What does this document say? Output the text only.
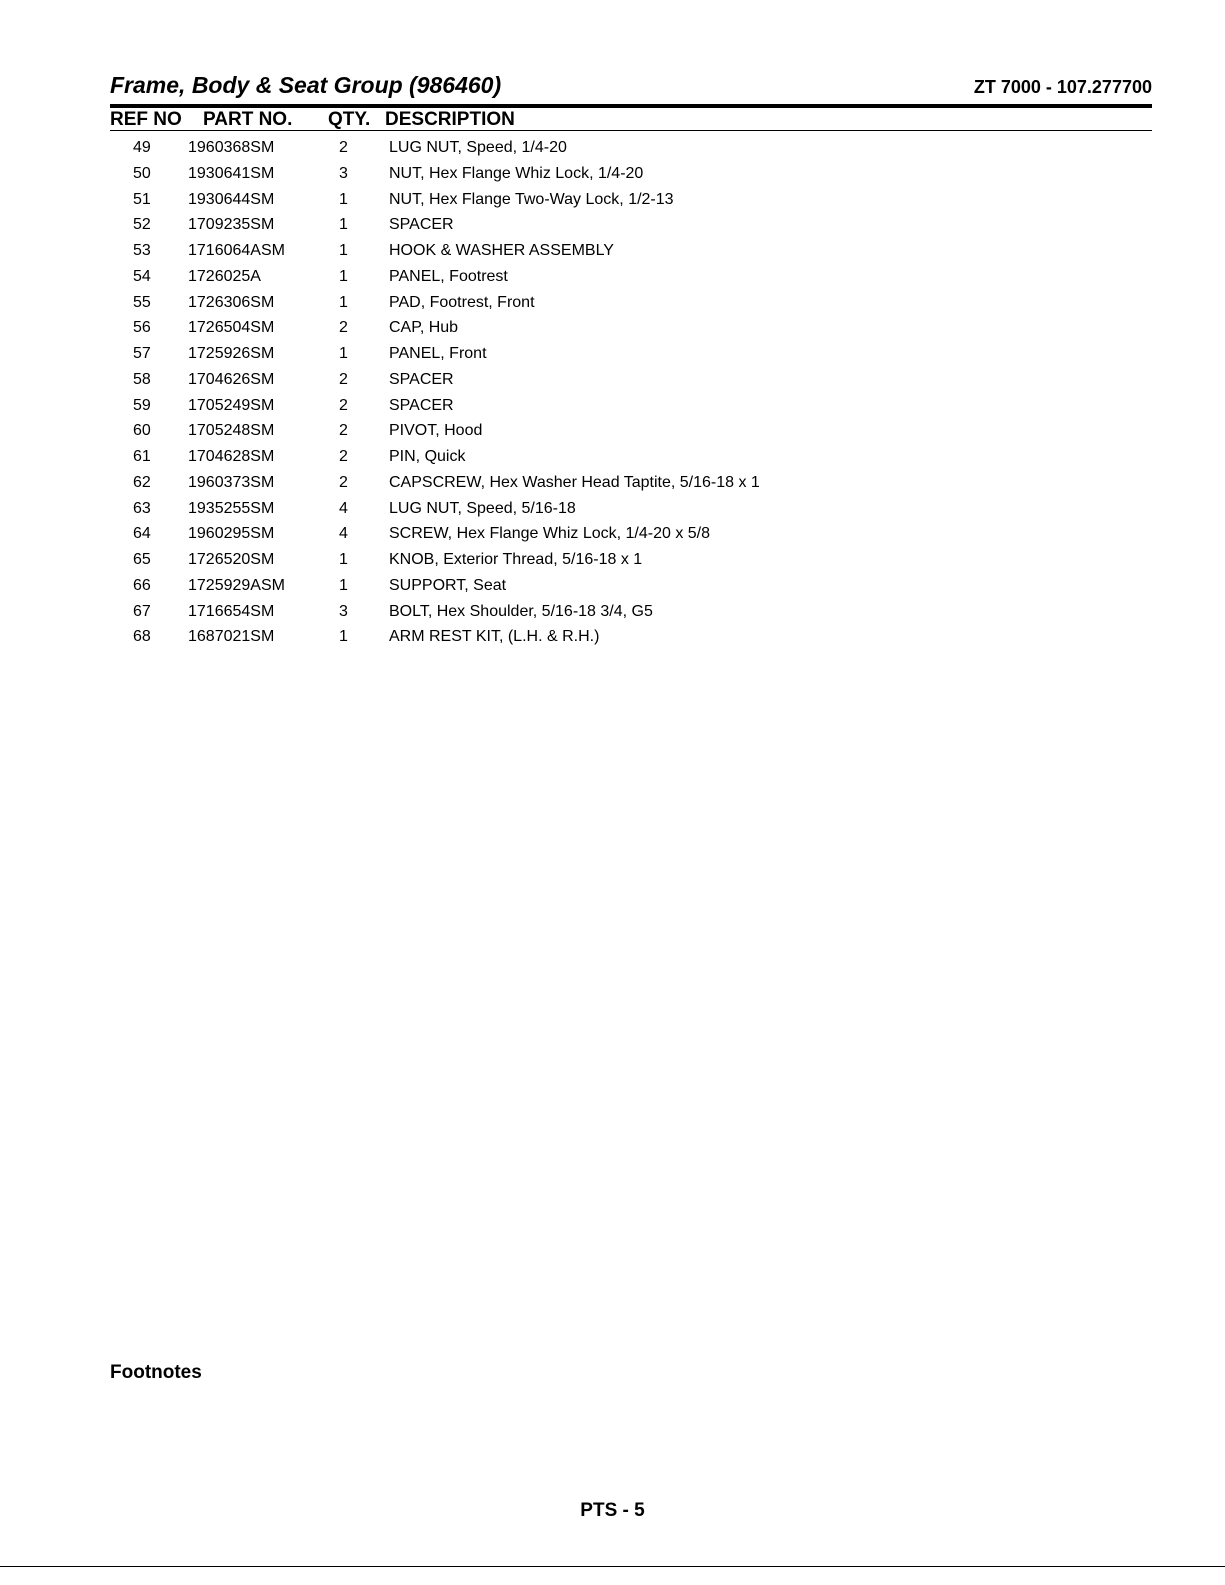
Frame, Body & Seat Group (986460)	ZT 7000 - 107.277700
REF NO PART NO. QTY. DESCRIPTION
49 1960368SM	2	LUG NUT, Speed, 1/4-20
50 1930641SM	3	NUT, Hex Flange Whiz Lock, 1/4-20
51 1930644SM	1	NUT, Hex Flange Two-Way Lock, 1/2-13
52 1709235SM	1	SPACER
53 1716064ASM	1	HOOK & WASHER ASSEMBLY
54 1726025A	1	PANEL, Footrest
55 1726306SM	1	PAD, Footrest, Front
56 1726504SM	2	CAP, Hub
57 1725926SM	1	PANEL, Front
58 1704626SM	2	SPACER
59 1705249SM	2	SPACER
60 1705248SM	2	PIVOT, Hood
61 1704628SM	2	PIN, Quick
62 1960373SM	2	CAPSCREW, Hex Washer Head Taptite, 5/16-18 x 1
63 1935255SM	4	LUG NUT, Speed, 5/16-18
64 1960295SM	4	SCREW, Hex Flange Whiz Lock, 1/4-20 x 5/8
65 1726520SM	1	KNOB, Exterior Thread, 5/16-18 x 1
66 1725929ASM	1	SUPPORT, Seat
67 1716654SM	3	BOLT, Hex Shoulder, 5/16-18 3/4, G5
68 1687021SM	1	ARM REST KIT, (L.H. & R.H.)
Footnotes
PTS - 5
